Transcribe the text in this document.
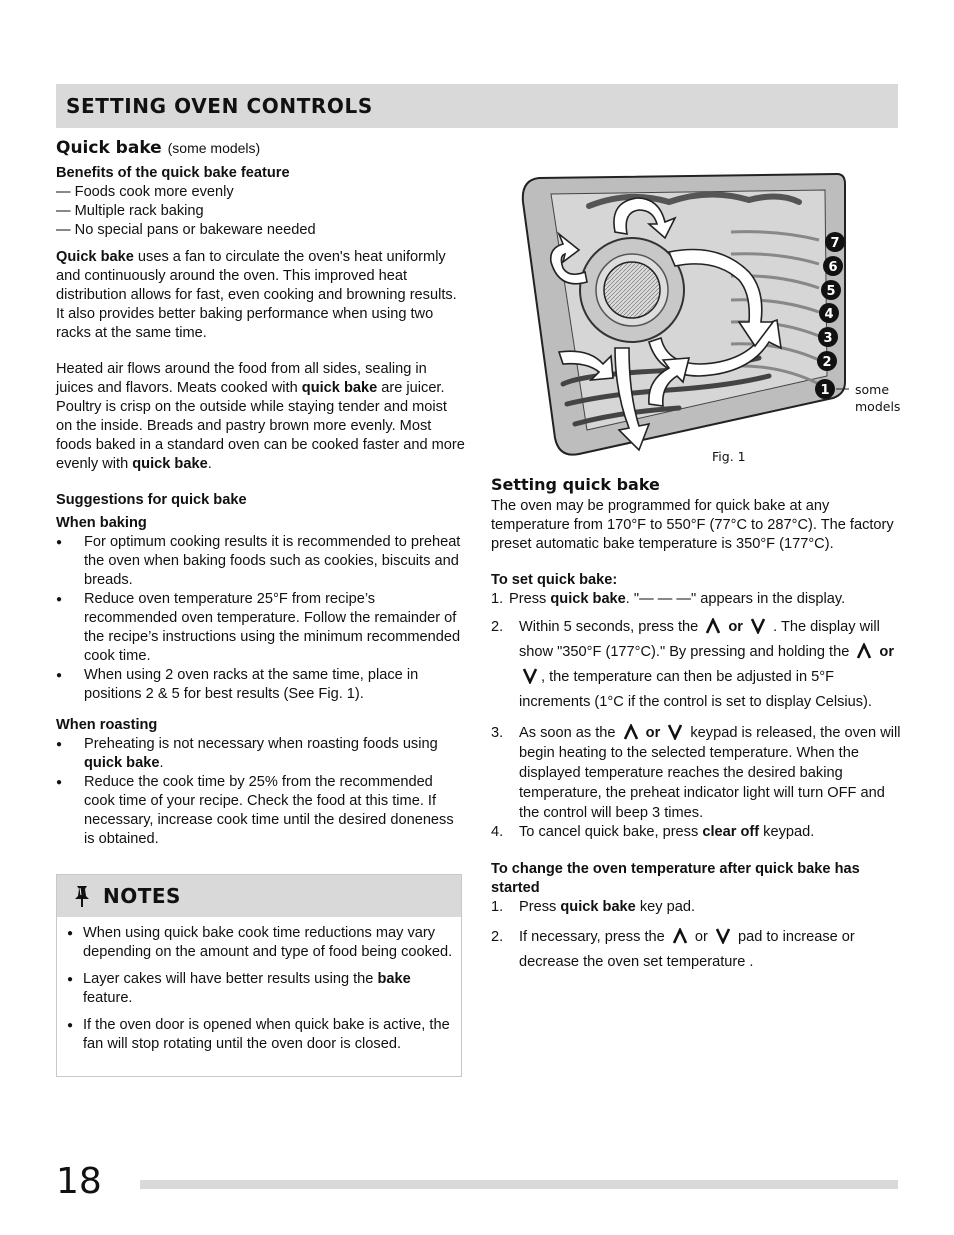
SETTING OVEN CONTROLS

Quick bake (some models)

Benefits of the quick bake feature

— Foods cook more evenly

— Multiple rack baking

— No special pans or bakeware needed

Quick bake uses a fan to circulate the oven's heat uniformly and continuously around the oven. This improved heat distribution allows for fast, even cooking and browning results. It also provides better baking performance when using two racks at the same time.

Heated air flows around the food from all sides, sealing in juices and flavors. Meats cooked with quick bake are juicer. Poultry is crisp on the outside while staying tender and moist on the inside. Breads and pastry brown more evenly. Most foods baked in a standard oven can be cooked faster and more evenly with quick bake.

Suggestions for quick bake

When baking

● For optimum cooking results it is recommended to preheat the oven when baking foods such as cookies, biscuits and breads.
● Reduce oven temperature 25°F from recipe’s recommended oven temperature. Follow the remainder of the recipe’s instructions using the minimum recommended cook time.
● When using 2 oven racks at the same time, place in positions 2 & 5 for best results (See Fig. 1).

When roasting

● Preheating is not necessary when roasting foods using quick bake.
● Reduce the cook time by 25% from the recommended cook time of your recipe. Check the food at this time. If necessary, increase cook time until the desired doneness is obtained.
NOTES
● When using quick bake cook time reductions may vary depending on the amount and type of food being cooked.
● Layer cakes will have better results using the bake feature.
● If the oven door is opened when quick bake is active, the fan will stop rotating until the oven door is closed.
7
6
5
4
3
2
1 some
models
Fig. 1

Setting quick bake

The oven may be programmed for quick bake at any temperature from 170°F to 550°F (77°C to 287°C). The factory preset automatic bake temperature is 350°F (177°C).

To set quick bake:

1. Press quick bake. "— — —" appears in the display.
2. Within 5 seconds, press the  or . The display will show "350°F (177°C)." By pressing and holding the  or , the temperature can then be adjusted in 5°F increments (1°C if the control is set to display Celsius).
3. As soon as the  or  keypad is released, the oven will begin heating to the selected temperature. When the displayed temperature reaches the desired baking temperature, the preheat indicator light will turn OFF and the control will beep 3 times.
4. To cancel quick bake, press clear off keypad.

To change the oven temperature after quick bake has started

1. Press quick bake key pad.
2. If necessary, press the  or  pad to increase or decrease the oven set temperature .
18
